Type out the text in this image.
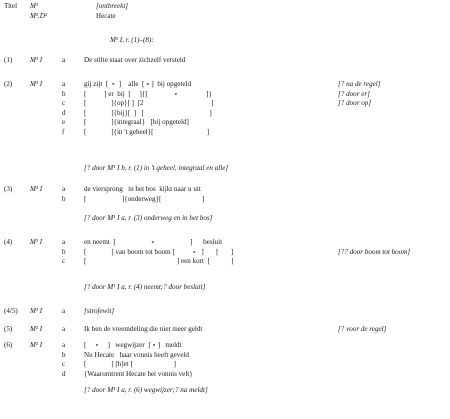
Titel M¹	[ontbreekt]
M².D³	Hecate
M¹ I, r. (1)–(8):
(1) M¹ I	a	De stilte staat over zichzelf versteld
(2) M¹ I	a	gij zijt  [  ∘  ]    alle  [ ∘ ]  bij opgeteld	[? na de regel]
b	[          ] er  bij  [     ]{[               ∘                ]}	[? door er]
c	[              ]{op}[ ]  [2                                      ]	[? door op]
d	[              ]{bij}[  ]   [                                     ]
e	[              ]{integraal}   [bij opgeteld]
f	[              ]{in 't geheel}[                              ]
[? door M¹ I b, r. (1) in 't geheel, integraal en alle]
(3) M¹ I	a	de viersprong   in het bos  kijkt naar u uit
b	[                    ]{onderweg}[                       ]
[? door M¹ I a, r. (3) onderweg en in het bos]
(4) M¹ I	a	en neemt  [                    ∘                    ]      besluit
b	[              ] van boom tot boom [          ∘   ]       [       ]	[?? door boom tot boom]
c	[                                                   ] een kort  [            ]
[? door M¹ I a, r. (4) neemt;? door besluit]
(4/5) M¹ I	a	[strofewit]
(5) M¹ I	a	Ik ben de vreemdeling die niet meer geldt	[? voor de regel]
(6) M¹ I	a	[     ∘     ]   wegwijzer  [ ∘ ]   meldt
b	Nu Hecate   haar vonnis heeft geveld
c	[              ] [h]et [                       ]
d	{Waaromtrent Hecate het vonnis velt}
[? door M¹ I a, r. (6) wegwijzer;? na meldt]
